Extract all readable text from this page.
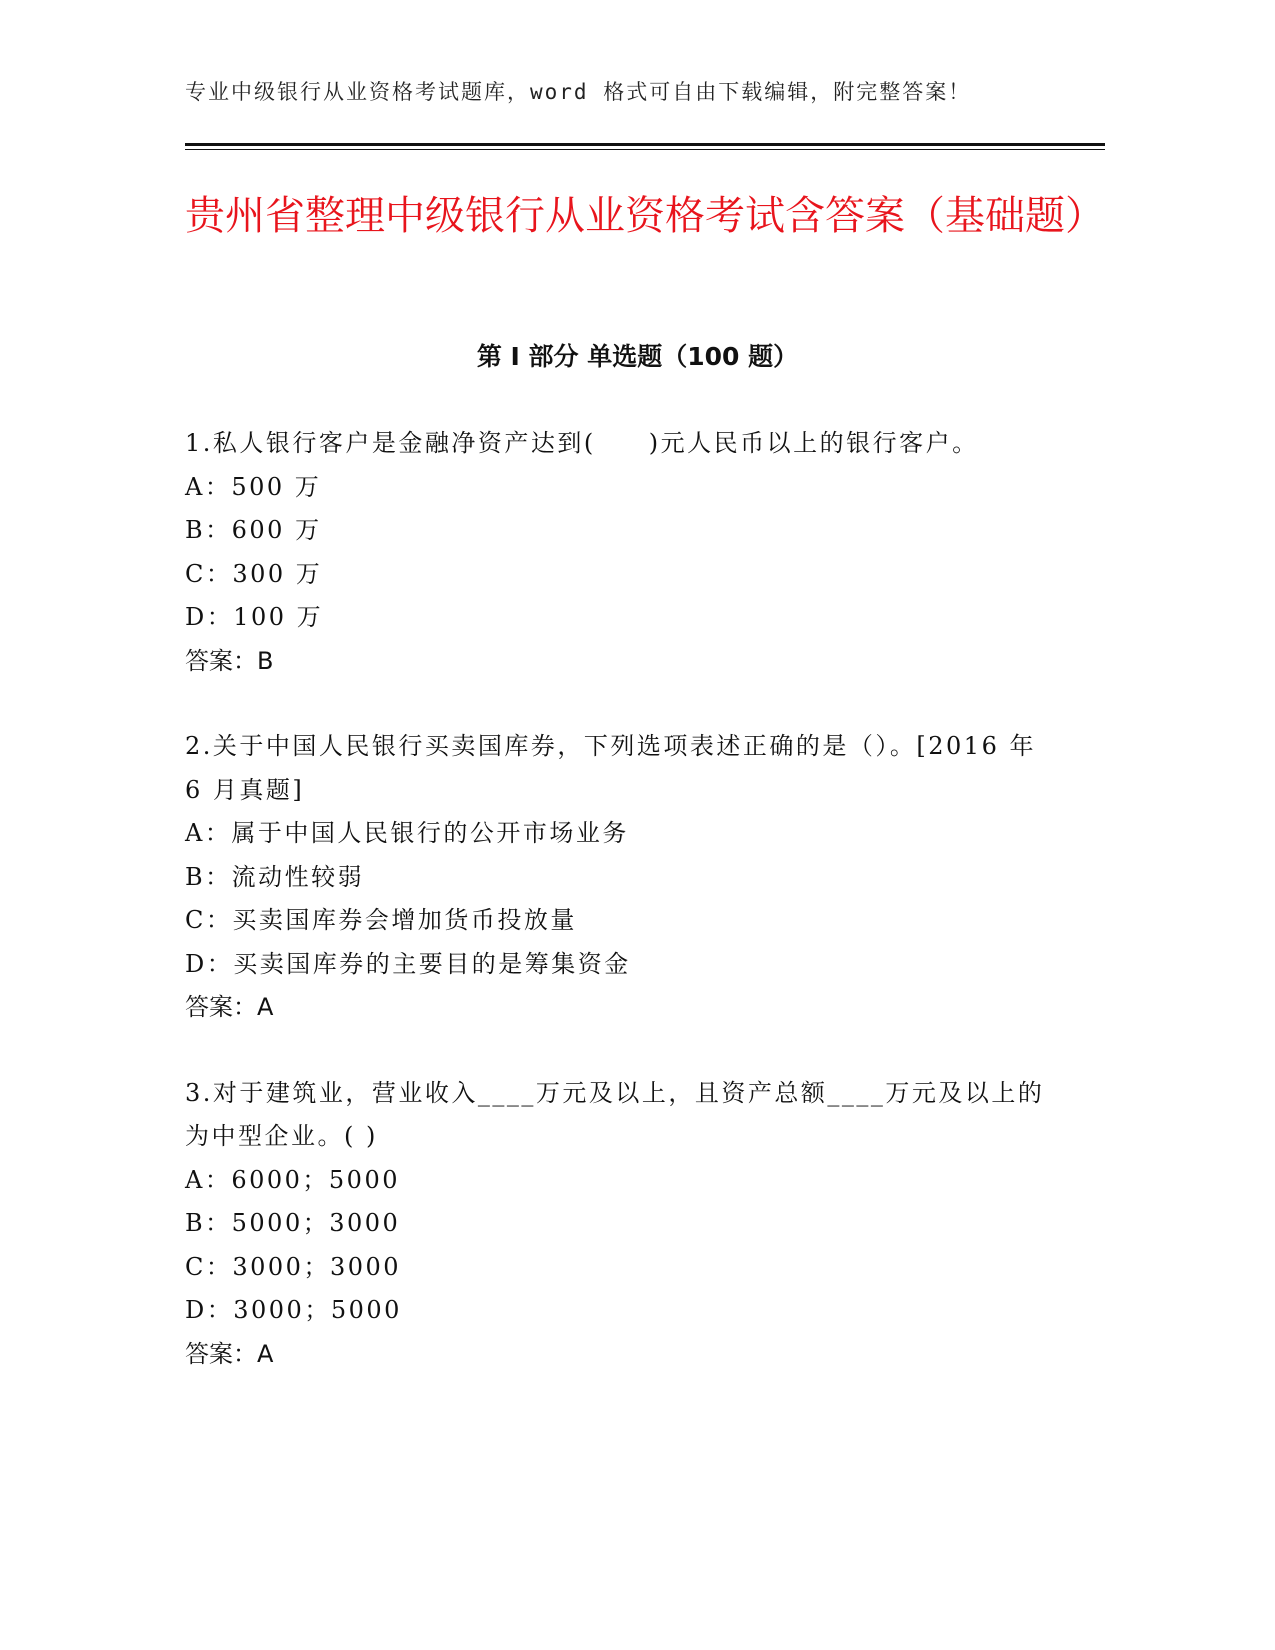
专业中级银行从业资格考试题库，word 格式可自由下载编辑，附完整答案！
贵州省整理中级银行从业资格考试含答案（基础题）
第 I 部分 单选题（100 题）
1.私人银行客户是金融净资产达到(　　)元人民币以上的银行客户。
A：500 万
B：600 万
C：300 万
D：100 万
答案：B
2.关于中国人民银行买卖国库券，下列选项表述正确的是（）。[2016 年 6 月真题]
A：属于中国人民银行的公开市场业务
B：流动性较弱
C：买卖国库券会增加货币投放量
D：买卖国库券的主要目的是筹集资金
答案：A
3.对于建筑业，营业收入____万元及以上，且资产总额____万元及以上的为中型企业。( )
A：6000；5000
B：5000；3000
C：3000；3000
D：3000；5000
答案：A
